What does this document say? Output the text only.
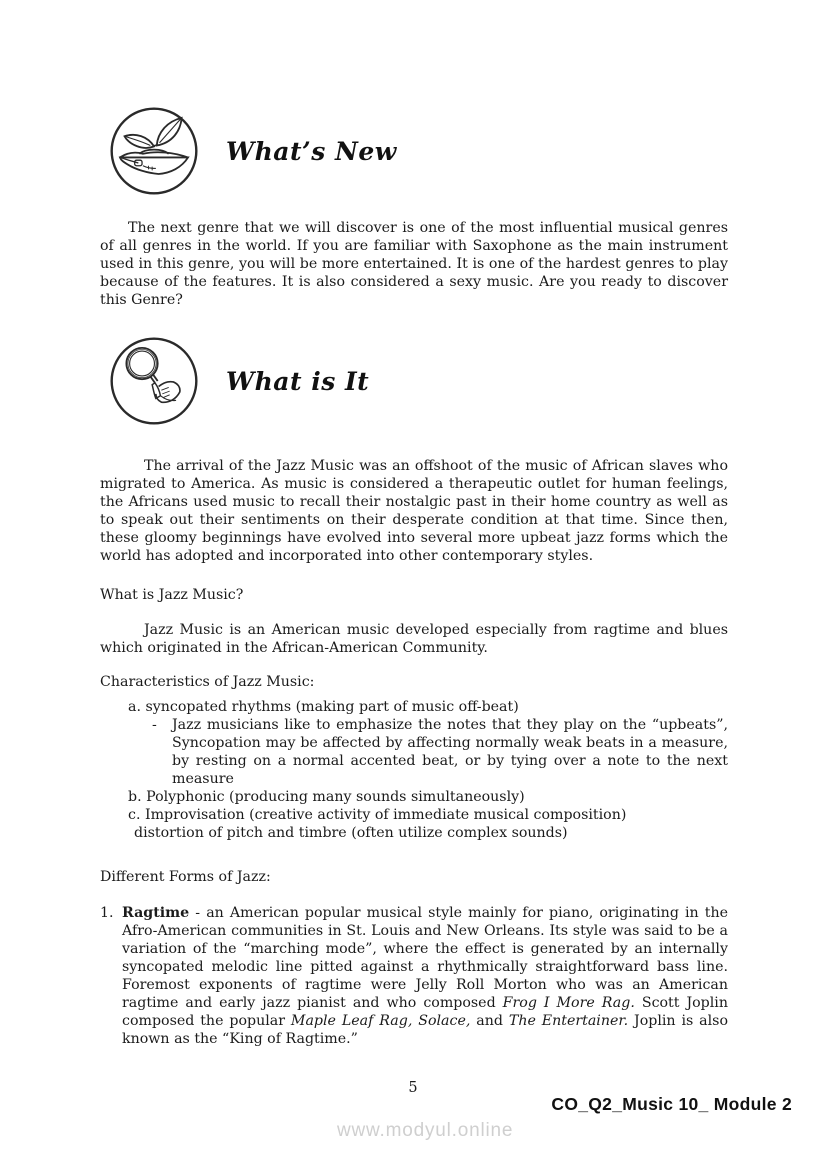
What’s New

The next genre that we will discover is one of the most influential musical genres of all genres in the world. If you are familiar with Saxophone as the main instrument used in this genre, you will be more entertained. It is one of the hardest genres to play because of the features. It is also considered a sexy music. Are you ready to discover this Genre?

What is It

The arrival of the Jazz Music was an offshoot of the music of African slaves who migrated to America. As music is considered a therapeutic outlet for human feelings, the Africans used music to recall their nostalgic past in their home country as well as to speak out their sentiments on their desperate condition at that time. Since then, these gloomy beginnings have evolved into several more upbeat jazz forms which the world has adopted and incorporated into other contemporary styles.

What is Jazz Music?

Jazz Music is an American music developed especially from ragtime and blues which originated in the African-American Community.

Characteristics of Jazz Music:

a. syncopated rhythms (making part of music off-beat)
-	Jazz musicians like to emphasize the notes that they play on the “upbeats”, Syncopation may be affected by affecting normally weak beats in a measure, by resting on a normal accented beat, or by tying over a note to the next measure
b. Polyphonic (producing many sounds simultaneously)
c. Improvisation (creative activity of immediate musical composition)
distortion of pitch and timbre (often utilize complex sounds)

Different Forms of Jazz:

1. Ragtime - an American popular musical style mainly for piano, originating in the Afro-American communities in St. Louis and New Orleans. Its style was said to be a variation of the “marching mode”, where the effect is generated by an internally syncopated melodic line pitted against a rhythmically straightforward bass line. Foremost exponents of ragtime were Jelly Roll Morton who was an American ragtime and early jazz pianist and who composed Frog I More Rag. Scott Joplin composed the popular Maple Leaf Rag, Solace, and The Entertainer. Joplin is also known as the “King of Ragtime.”
5
CO_Q2_Music 10_ Module 2
www.modyul.online
